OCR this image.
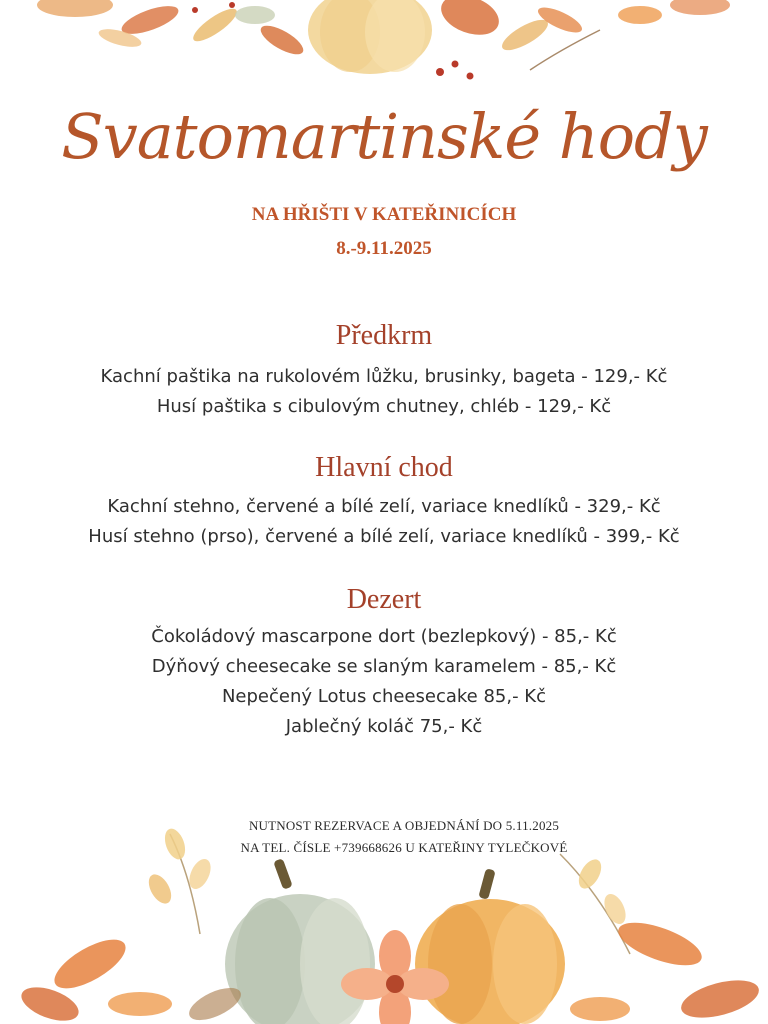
Svatomartinské hody
NA HŘIŠTI V KATEŘINICÍCH
8.-9.11.2025
Předkrm
Kachní paštika na rukolovém lůžku, brusinky, bageta - 129,- Kč
Husí paštika s cibulovým chutney, chléb - 129,- Kč
Hlavní chod
Kachní stehno, červené a bílé zelí, variace knedlíků - 329,- Kč
Husí stehno (prso), červené a bílé zelí, variace knedlíků - 399,- Kč
Dezert
Čokoládový mascarpone dort (bezlepkový) - 85,- Kč
Dýňový cheesecake se slaným karamelem - 85,- Kč
Nepečený Lotus cheesecake 85,- Kč
Jablečný koláč 75,- Kč
NUTNOST REZERVACE A OBJEDNÁNÍ DO 5.11.2025
NA TEL. ČÍSLE +739668626 U KATEŘINY TYLEČKOVÉ
